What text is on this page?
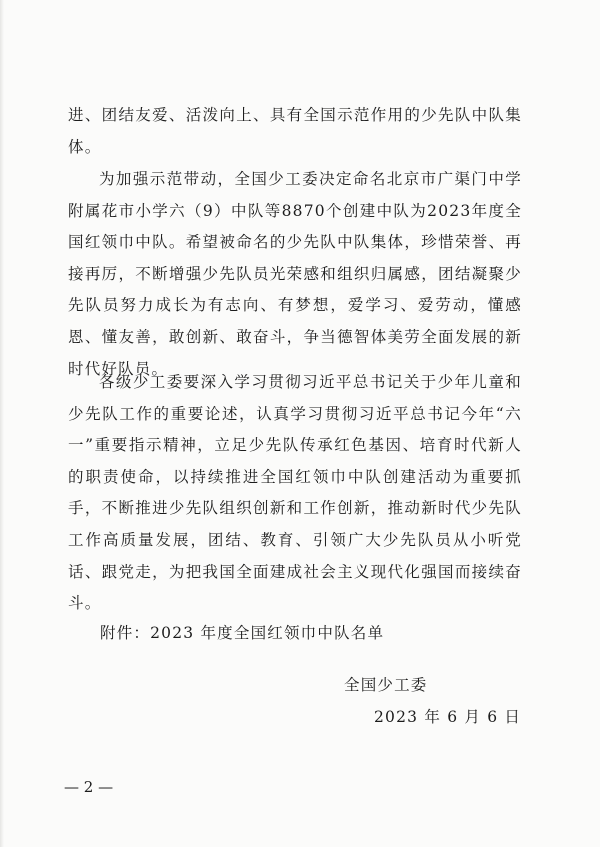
进、团结友爱、活泼向上、具有全国示范作用的少先队中队集体。

为加强示范带动，全国少工委决定命名北京市广渠门中学附属花市小学六（9）中队等8870个创建中队为2023年度全国红领巾中队。希望被命名的少先队中队集体，珍惜荣誉、再接再厉，不断增强少先队员光荣感和组织归属感，团结凝聚少先队员努力成长为有志向、有梦想，爱学习、爱劳动，懂感恩、懂友善，敢创新、敢奋斗，争当德智体美劳全面发展的新时代好队员。

各级少工委要深入学习贯彻习近平总书记关于少年儿童和少先队工作的重要论述，认真学习贯彻习近平总书记今年“六一”重要指示精神，立足少先队传承红色基因、培育时代新人的职责使命，以持续推进全国红领巾中队创建活动为重要抓手，不断推进少先队组织创新和工作创新，推动新时代少先队工作高质量发展，团结、教育、引领广大少先队员从小听党话、跟党走，为把我国全面建成社会主义现代化强国而接续奋斗。

附件：2023 年度全国红领巾中队名单

全国少工委

2023 年 6 月 6 日

— 2 —
